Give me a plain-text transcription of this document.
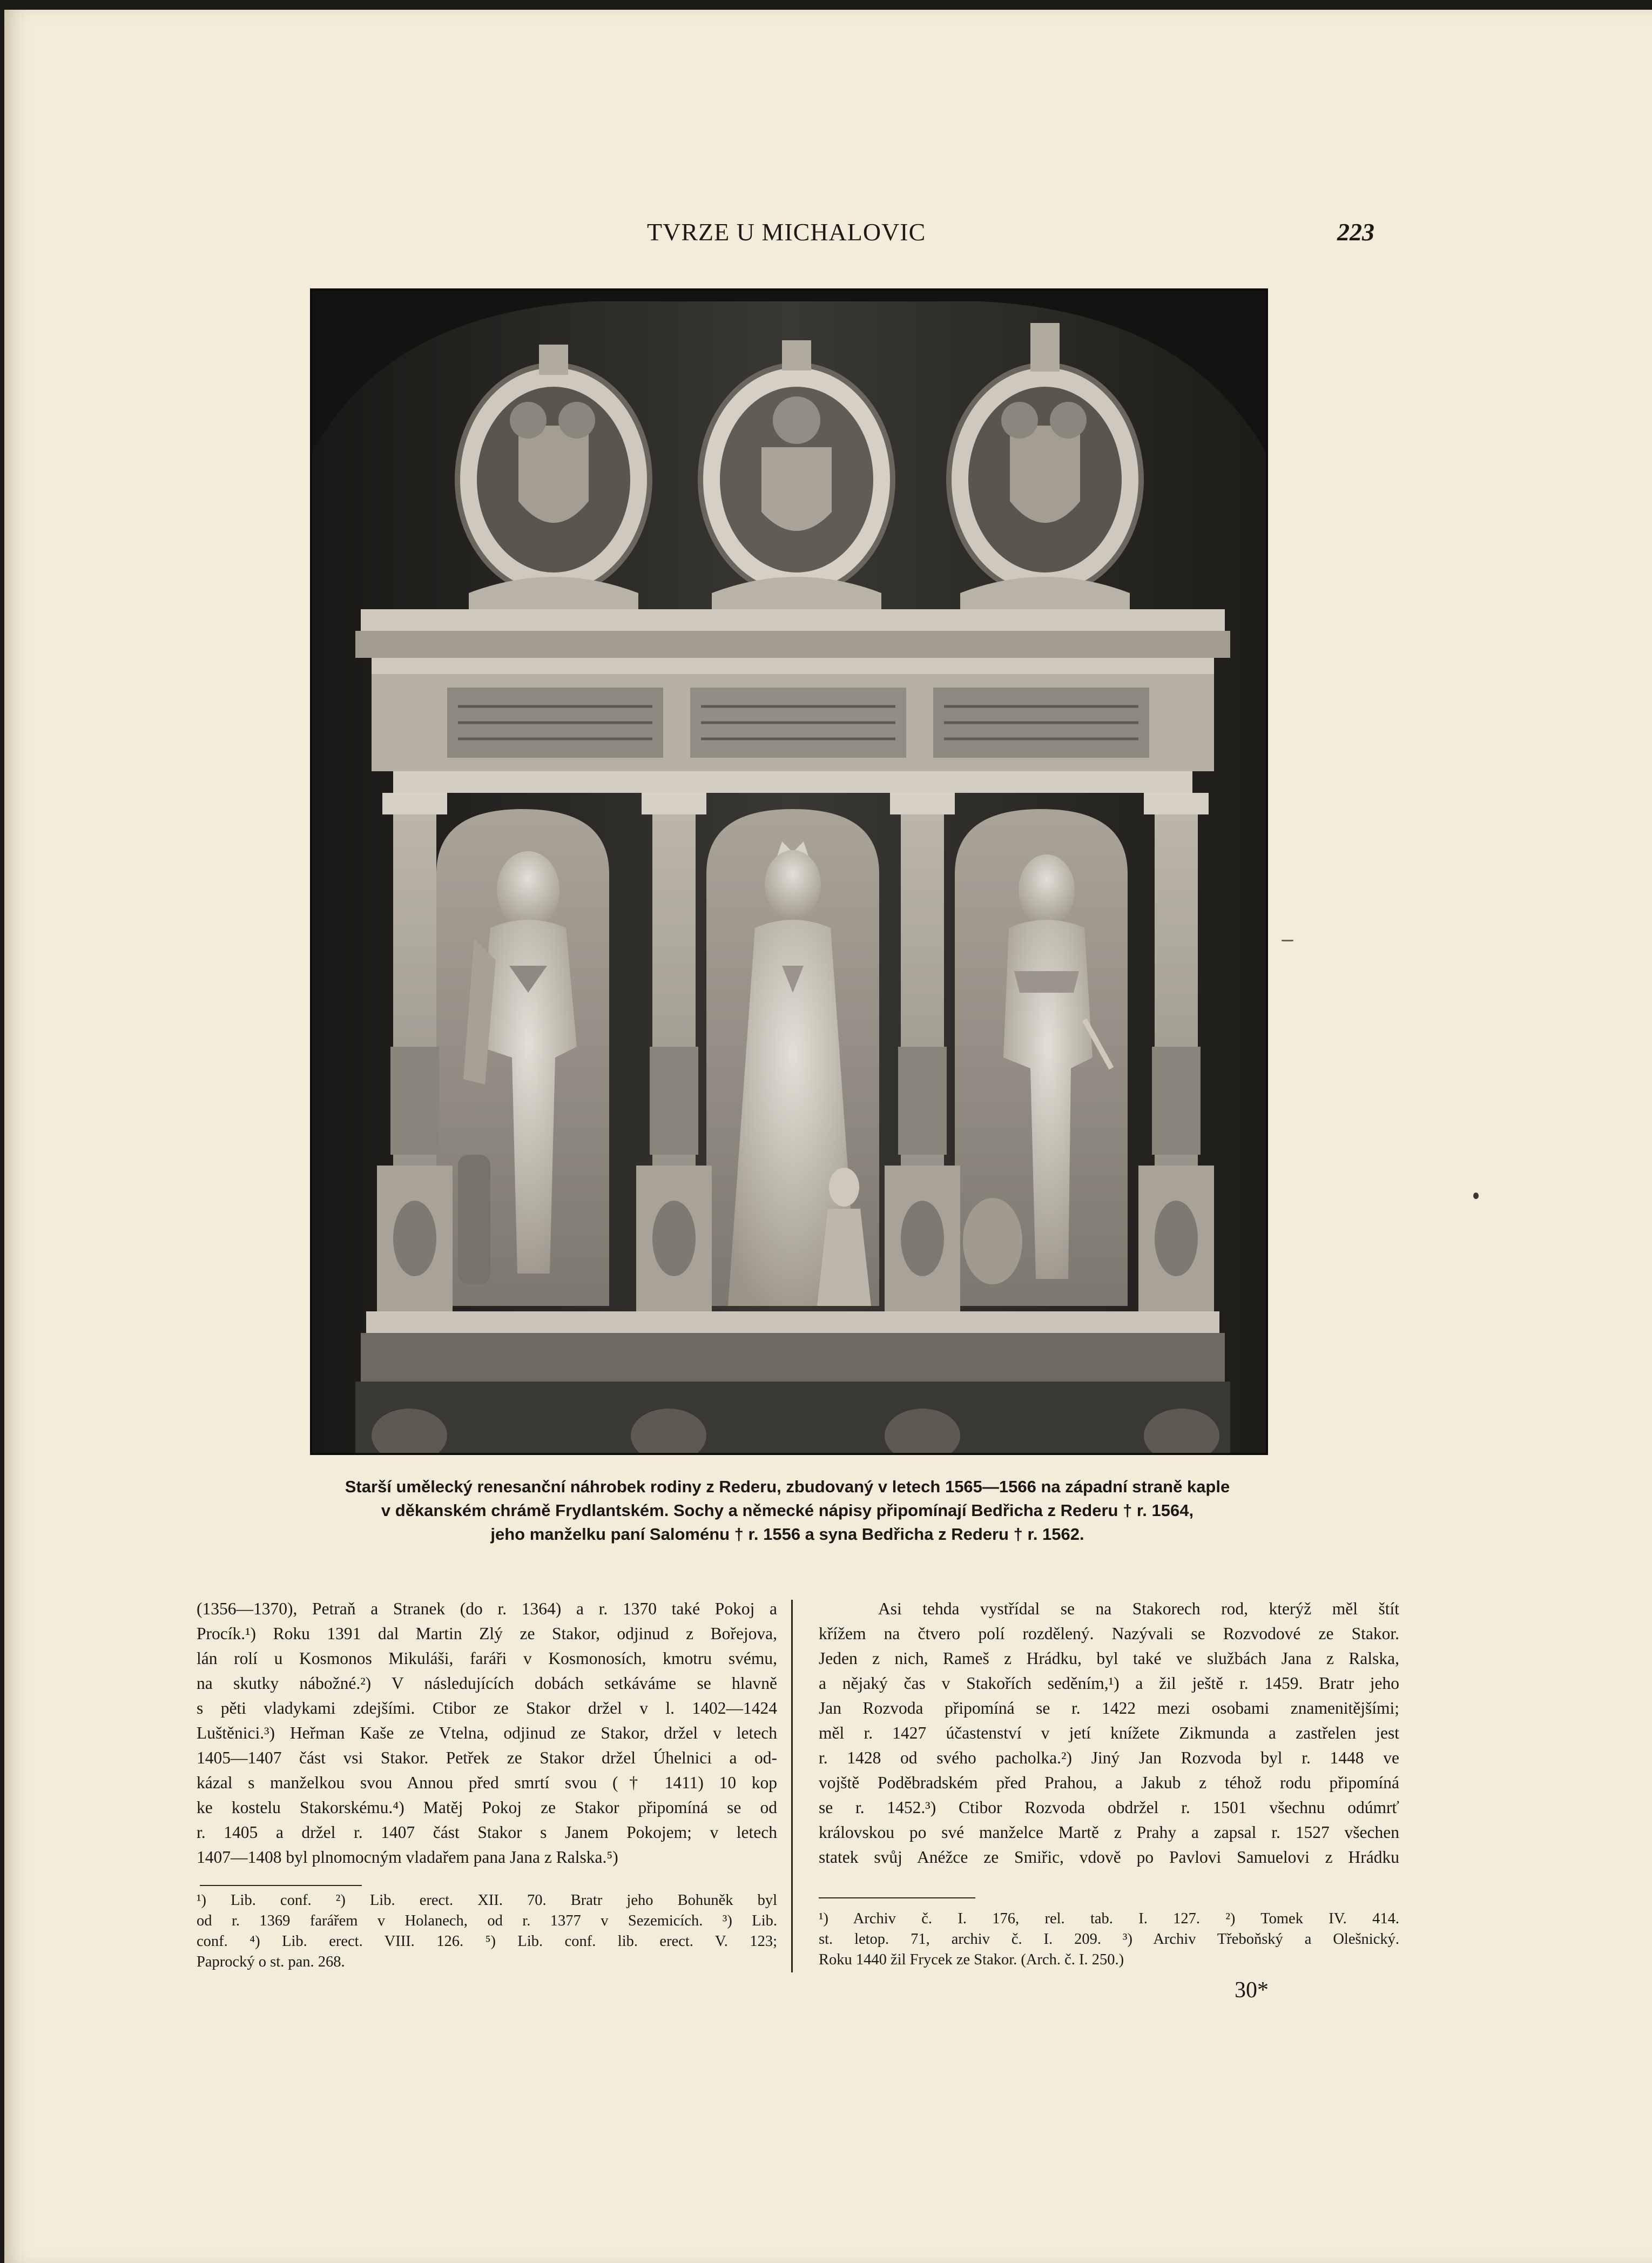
TVRZE U MICHALOVIC	223
Starší umělecký renesanční náhrobek rodiny z Rederu, zbudovaný v letech 1565—1566 na západní straně kaple
v děkanském chrámě Frydlantském. Sochy a německé nápisy připomínají Bedřicha z Rederu † r. 1564,
jeho manželku paní Saloménu † r. 1556 a syna Bedřicha z Rederu † r. 1562.
(1356—1370), Petraň a Stranek (do r. 1364) a r. 1370 také Pokoj a
Procík.¹) Roku 1391 dal Martin Zlý ze Stakor, odjinud z Bořejova,
lán rolí u Kosmonos Mikuláši, faráři v Kosmonosích, kmotru svému,
na skutky nábožné.²) V následujících dobách setkáváme se hlavně
s pěti vladykami zdejšími. Ctibor ze Stakor držel v l. 1402—1424
Luštěnici.³) Heřman Kaše ze Vtelna, odjinud ze Stakor, držel v letech
1405—1407 část vsi Stakor. Petřek ze Stakor držel Úhelnici a od-
kázal s manželkou svou Annou před smrtí svou († 1411) 10 kop
ke kostelu Stakorskému.⁴) Matěj Pokoj ze Stakor připomíná se od
r. 1405 a držel r. 1407 část Stakor s Janem Pokojem; v letech
1407—1408 byl plnomocným vladařem pana Jana z Ralska.⁵)
Asi tehda vystřídal se na Stakorech rod, kterýž měl štít
křížem na čtvero polí rozdělený. Nazývali se Rozvodové ze Stakor.
Jeden z nich, Rameš z Hrádku, byl také ve službách Jana z Ralska,
a nějaký čas v Stakořích seděním,¹) a žil ještě r. 1459. Bratr jeho
Jan Rozvoda připomíná se r. 1422 mezi osobami znamenitějšími;
měl r. 1427 účastenství v jetí knížete Zikmunda a zastřelen jest
r. 1428 od svého pacholka.²) Jiný Jan Rozvoda byl r. 1448 ve
vojště Poděbradském před Prahou, a Jakub z téhož rodu připomíná
se r. 1452.³) Ctibor Rozvoda obdržel r. 1501 všechnu odúmrť
královskou po své manželce Martě z Prahy a zapsal r. 1527 všechen
statek svůj Anéžce ze Smiřic, vdově po Pavlovi Samuelovi z Hrádku
¹) Lib. conf. ²) Lib. erect. XII. 70. Bratr jeho Bohuněk byl
od r. 1369 farářem v Holanech, od r. 1377 v Sezemicích. ³) Lib.
conf. ⁴) Lib. erect. VIII. 126. ⁵) Lib. conf. lib. erect. V. 123;
Paprocký o st. pan. 268.
¹) Archiv č. I. 176, rel. tab. I. 127. ²) Tomek IV. 414.
st. letop. 71, archiv č. I. 209. ³) Archiv Třeboňský a Olešnický.
Roku 1440 žil Frycek ze Stakor. (Arch. č. I. 250.)
30*
